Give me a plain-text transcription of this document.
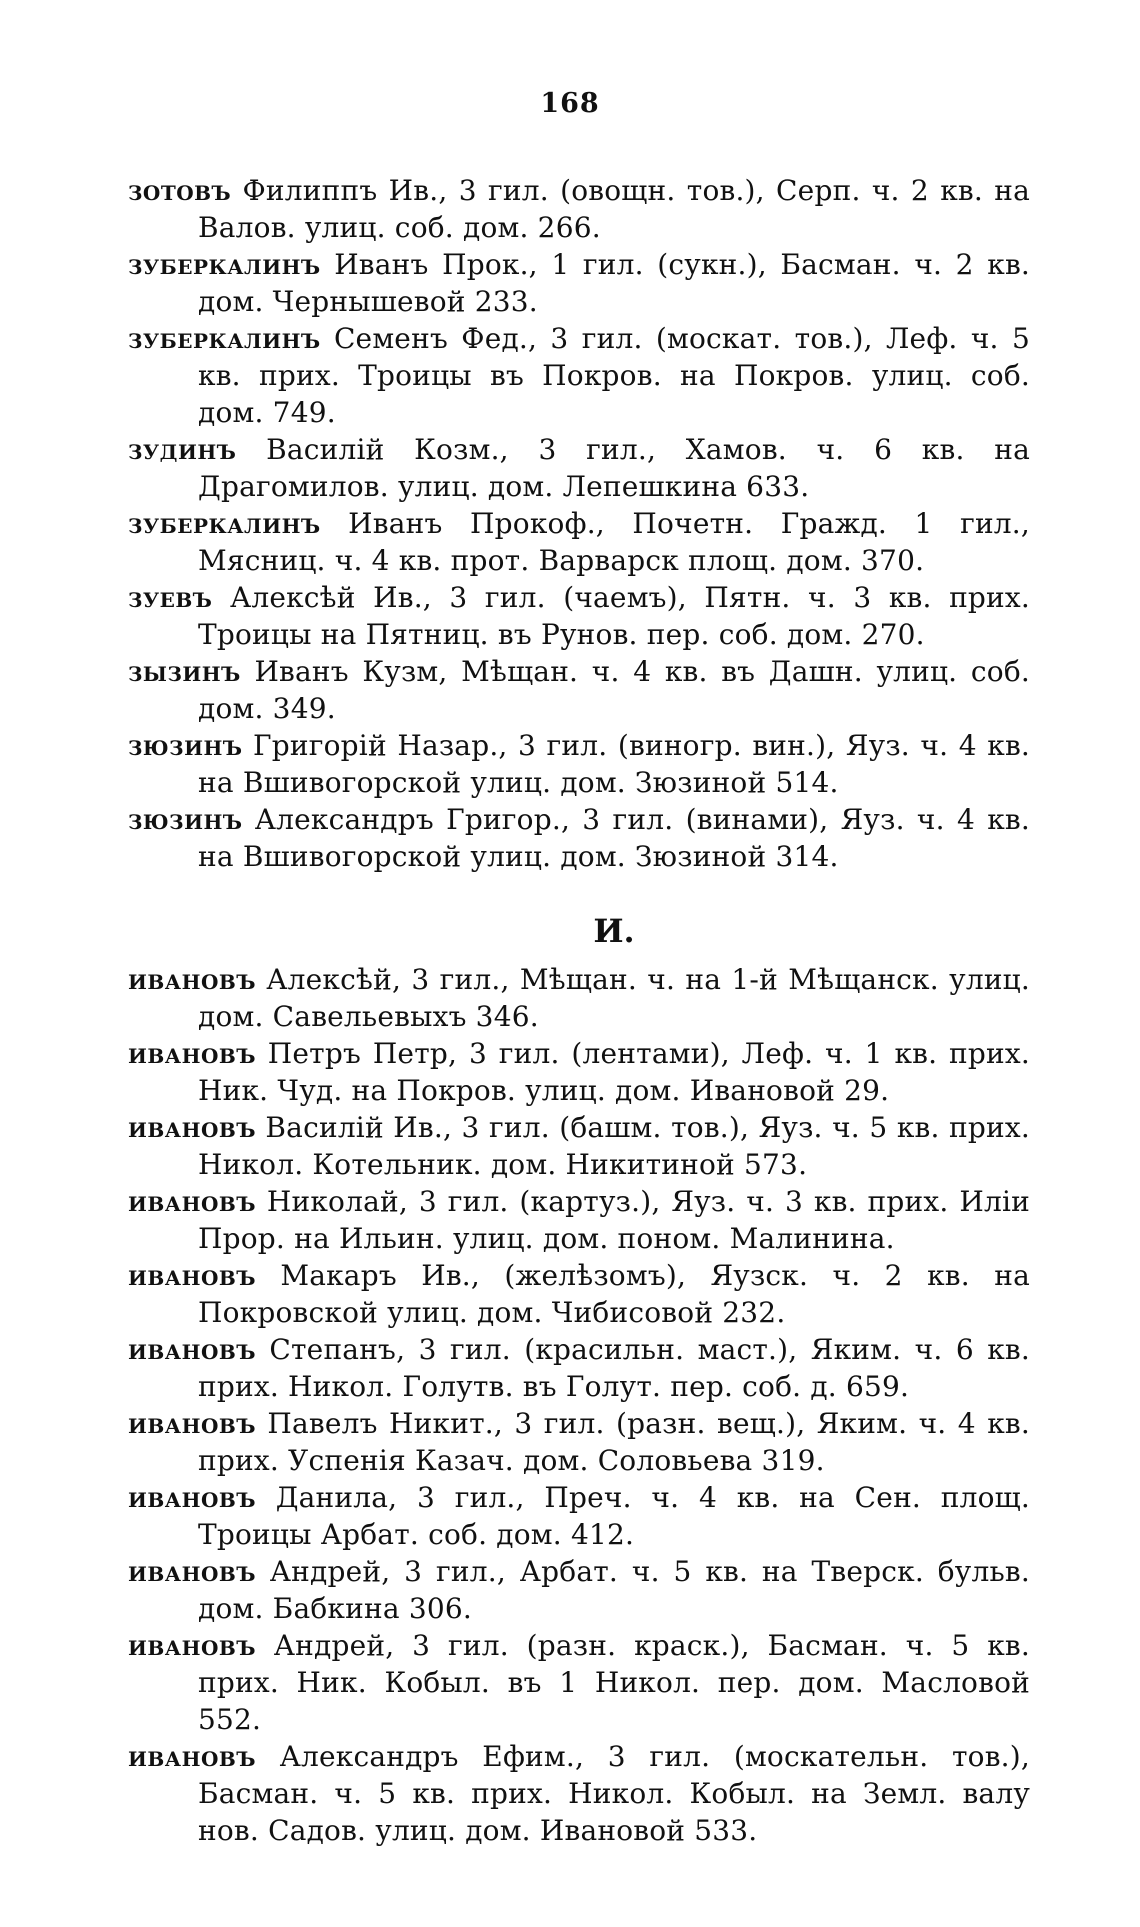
168
зотовъ Филиппъ Ив., 3 гил. (овощн. тов.), Серп. ч. 2 кв. на Валов. улиц. соб. дом. 266.
зуберкалинъ Иванъ Прок., 1 гил. (сукн.), Басман. ч. 2 кв. дом. Чернышевой 233.
зуберкалинъ Семенъ Фед., 3 гил. (москат. тов.), Леф. ч. 5 кв. прих. Троицы въ Покров. на Покров. улиц. соб. дом. 749.
зудинъ Василій Козм., 3 гил., Хамов. ч. 6 кв. на Драгомилов. улиц. дом. Лепешкина 633.
зуберкалинъ Иванъ Прокоф., Почетн. Гражд. 1 гил., Мясниц. ч. 4 кв. прот. Варварск площ. дом. 370.
зуевъ Алексѣй Ив., 3 гил. (чаемъ), Пятн. ч. 3 кв. прих. Троицы на Пятниц. въ Рунов. пер. соб. дом. 270.
зызинъ Иванъ Кузм, Мѣщан. ч. 4 кв. въ Дашн. улиц. соб. дом. 349.
зюзинъ Григорій Назар., 3 гил. (виногр. вин.), Яуз. ч. 4 кв. на Вшивогорской улиц. дом. Зюзиной 514.
зюзинъ Александръ Григор., 3 гил. (винами), Яуз. ч. 4 кв. на Вшивогорской улиц. дом. Зюзиной 314.
И.
ивановъ Алексѣй, 3 гил., Мѣщан. ч. на 1-й Мѣщанск. улиц. дом. Савельевыхъ 346.
ивановъ Петръ Петр, 3 гил. (лентами), Леф. ч. 1 кв. прих. Ник. Чуд. на Покров. улиц. дом. Ивановой 29.
ивановъ Василій Ив., 3 гил. (башм. тов.), Яуз. ч. 5 кв. прих. Никол. Котельник. дом. Никитиной 573.
ивановъ Николай, 3 гил. (картуз.), Яуз. ч. 3 кв. прих. Иліи Прор. на Ильин. улиц. дом. поном. Малинина.
ивановъ Макаръ Ив., (желѣзомъ), Яузск. ч. 2 кв. на Покровской улиц. дом. Чибисовой 232.
ивановъ Степанъ, 3 гил. (красильн. маст.), Яким. ч. 6 кв. прих. Никол. Голутв. въ Голут. пер. соб. д. 659.
ивановъ Павелъ Никит., 3 гил. (разн. вещ.), Яким. ч. 4 кв. прих. Успенія Казач. дом. Соловьева 319.
ивановъ Данила, 3 гил., Преч. ч. 4 кв. на Сен. площ. Троицы Арбат. соб. дом. 412.
ивановъ Андрей, 3 гил., Арбат. ч. 5 кв. на Тверск. бульв. дом. Бабкина 306.
ивановъ Андрей, 3 гил. (разн. краск.), Басман. ч. 5 кв. прих. Ник. Кобыл. въ 1 Никол. пер. дом. Масловой 552.
ивановъ Александръ Ефим., 3 гил. (москательн. тов.), Басман. ч. 5 кв. прих. Никол. Кобыл. на Земл. валу нов. Садов. улиц. дом. Ивановой 533.
